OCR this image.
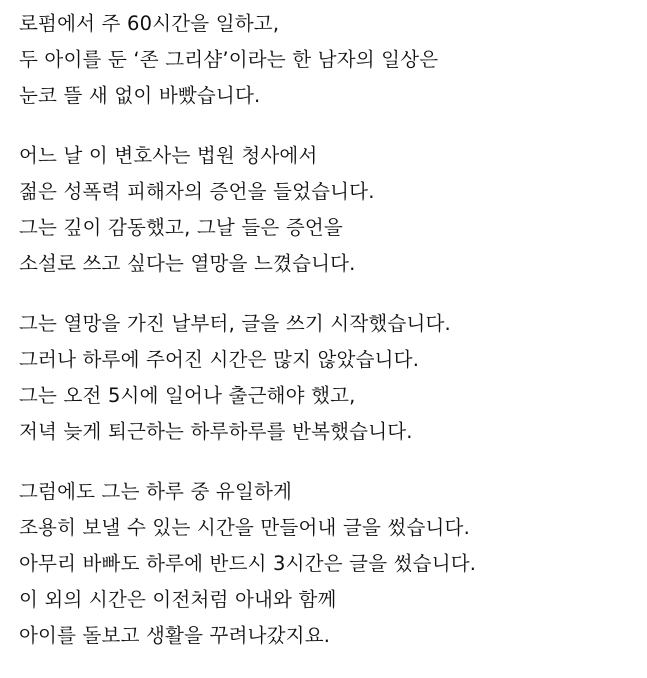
로펌에서 주 60시간을 일하고,
두 아이를 둔 ‘존 그리샴’이라는 한 남자의 일상은
눈코 뜰 새 없이 바빴습니다.

어느 날 이 변호사는 법원 청사에서
젊은 성폭력 피해자의 증언을 들었습니다.
그는 깊이 감동했고, 그날 들은 증언을
소설로 쓰고 싶다는 열망을 느꼈습니다.

그는 열망을 가진 날부터, 글을 쓰기 시작했습니다.
그러나 하루에 주어진 시간은 많지 않았습니다.
그는 오전 5시에 일어나 출근해야 했고,
저녁 늦게 퇴근하는 하루하루를 반복했습니다.

그럼에도 그는 하루 중 유일하게
조용히 보낼 수 있는 시간을 만들어내 글을 썼습니다.
아무리 바빠도 하루에 반드시 3시간은 글을 썼습니다.
이 외의 시간은 이전처럼 아내와 함께
아이를 돌보고 생활을 꾸려나갔지요.
